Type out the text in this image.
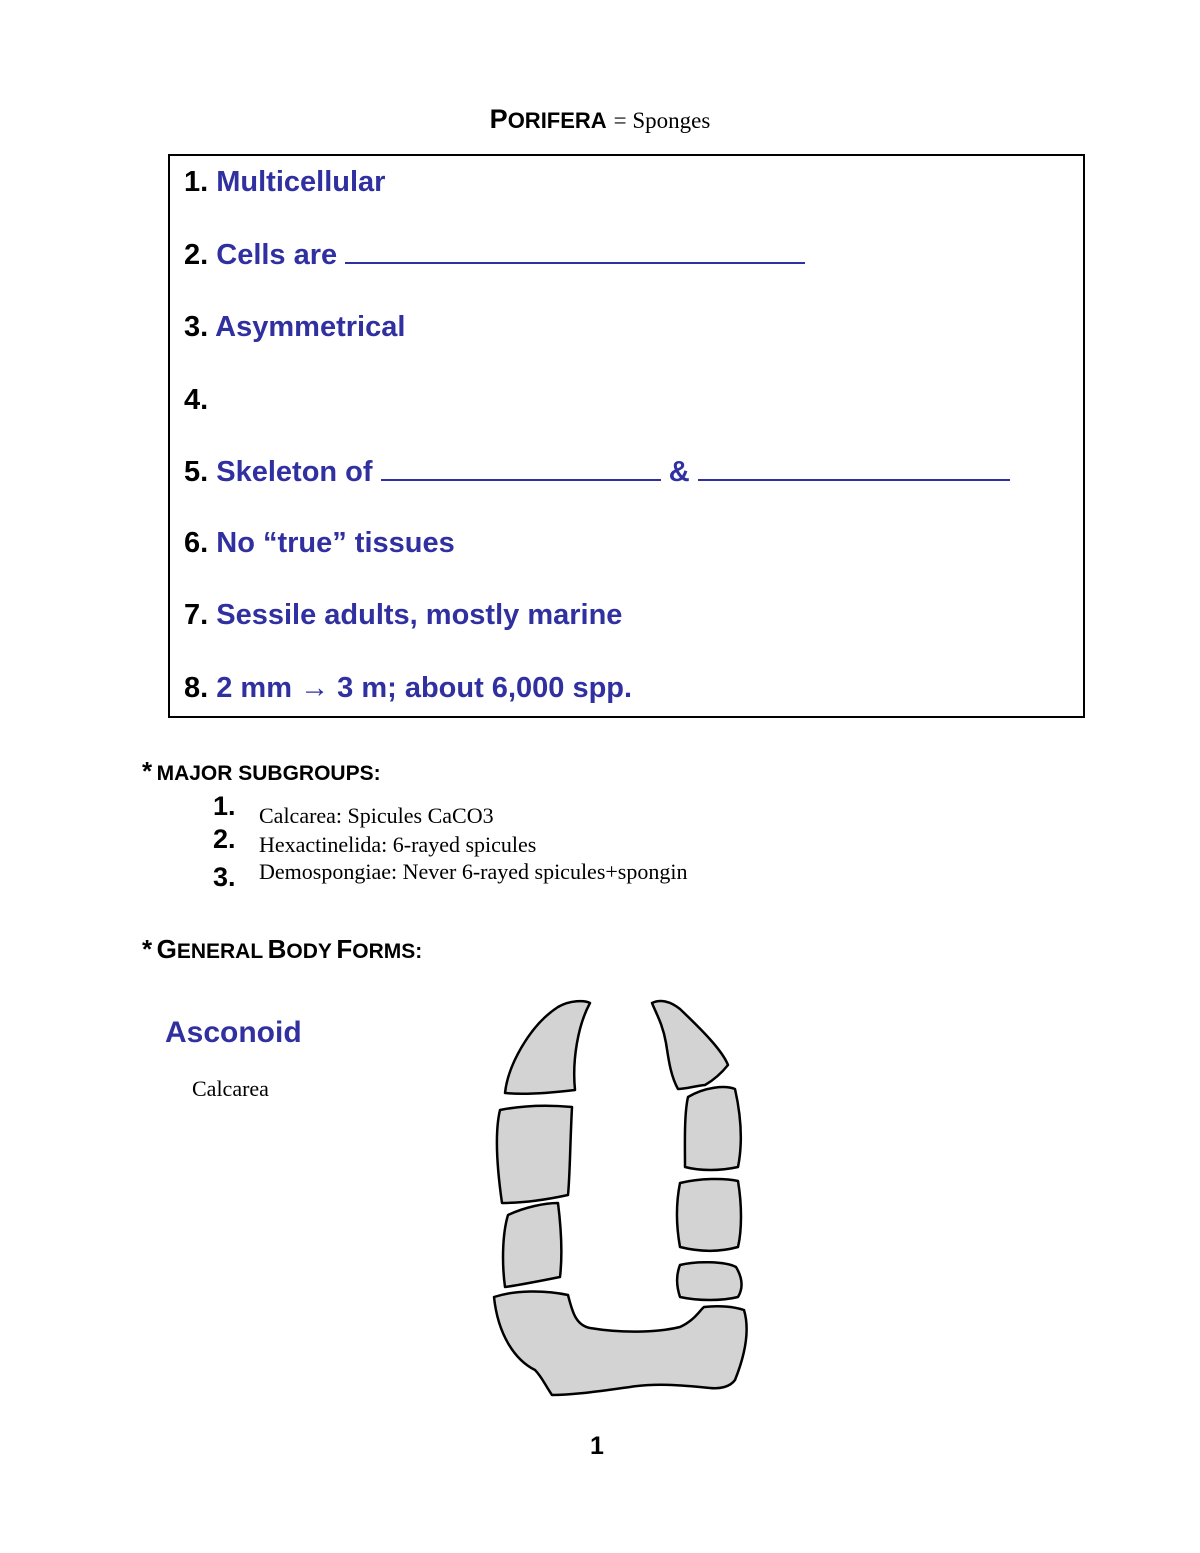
PORIFERA = Sponges
1. Multicellular
2. Cells are
3. Asymmetrical
4.
5. Skeleton of	&
6. No “true” tissues
7. Sessile adults, mostly marine
8. 2 mm → 3 m; about 6,000 spp.
* MAJOR SUBGROUPS:
1. Calcarea: Spicules CaCO3
2. Hexactinelida: 6-rayed spicules
3. Demospongiae: Never 6-rayed spicules+spongin
* GENERAL BODY FORMS:
Asconoid
Calcarea
1
